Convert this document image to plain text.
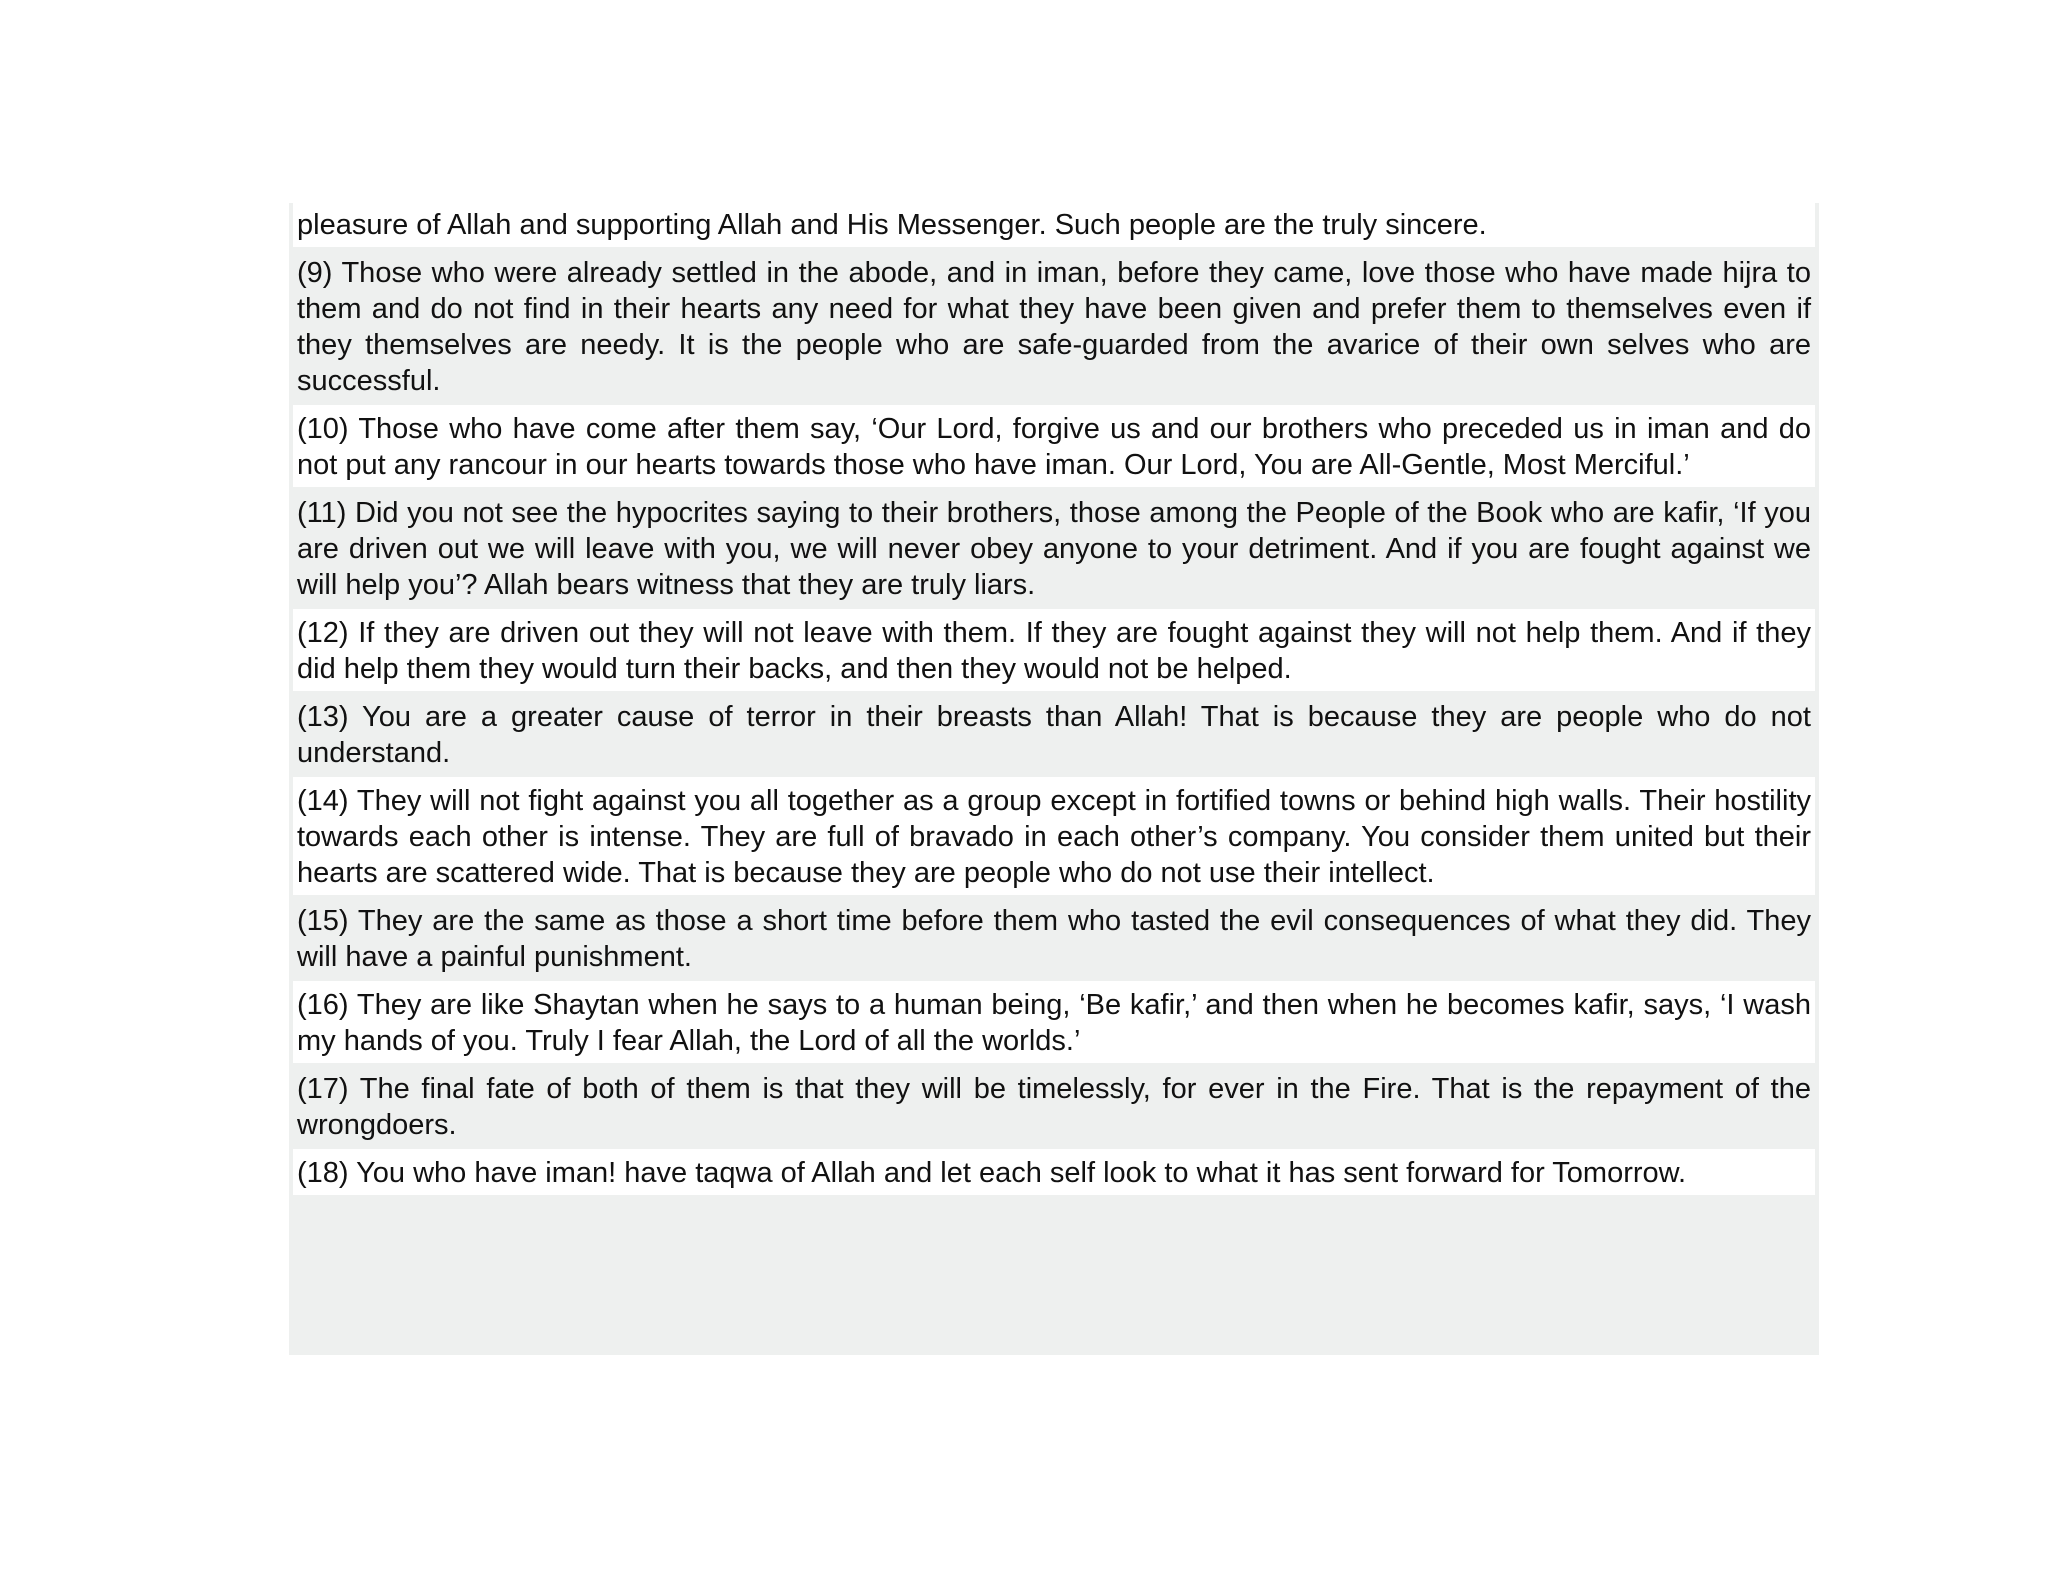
pleasure of Allah and supporting Allah and His Messenger. Such people are the truly sincere.

(9) Those who were already settled in the abode, and in iman, before they came, love those who have made hijra to them and do not find in their hearts any need for what they have been given and prefer them to themselves even if they themselves are needy. It is the people who are safe-guarded from the avarice of their own selves who are successful.

(10) Those who have come after them say, ‘Our Lord, forgive us and our brothers who preceded us in iman and do not put any rancour in our hearts towards those who have iman. Our Lord, You are All-Gentle, Most Merciful.’

(11) Did you not see the hypocrites saying to their brothers, those among the People of the Book who are kafir, ‘If you are driven out we will leave with you, we will never obey anyone to your detriment. And if you are fought against we will help you’? Allah bears witness that they are truly liars.

(12) If they are driven out they will not leave with them. If they are fought against they will not help them. And if they did help them they would turn their backs, and then they would not be helped.

(13) You are a greater cause of terror in their breasts than Allah! That is because they are people who do not understand.

(14) They will not fight against you all together as a group except in fortified towns or behind high walls. Their hostility towards each other is intense. They are full of bravado in each other’s company. You consider them united but their hearts are scattered wide. That is because they are people who do not use their intellect.

(15) They are the same as those a short time before them who tasted the evil consequences of what they did. They will have a painful punishment.

(16) They are like Shaytan when he says to a human being, ‘Be kafir,’ and then when he becomes kafir, says, ‘I wash my hands of you. Truly I fear Allah, the Lord of all the worlds.’

(17) The final fate of both of them is that they will be timelessly, for ever in the Fire. That is the repayment of the wrongdoers.

(18) You who have iman! have taqwa of Allah and let each self look to what it has sent forward for Tomorrow.
